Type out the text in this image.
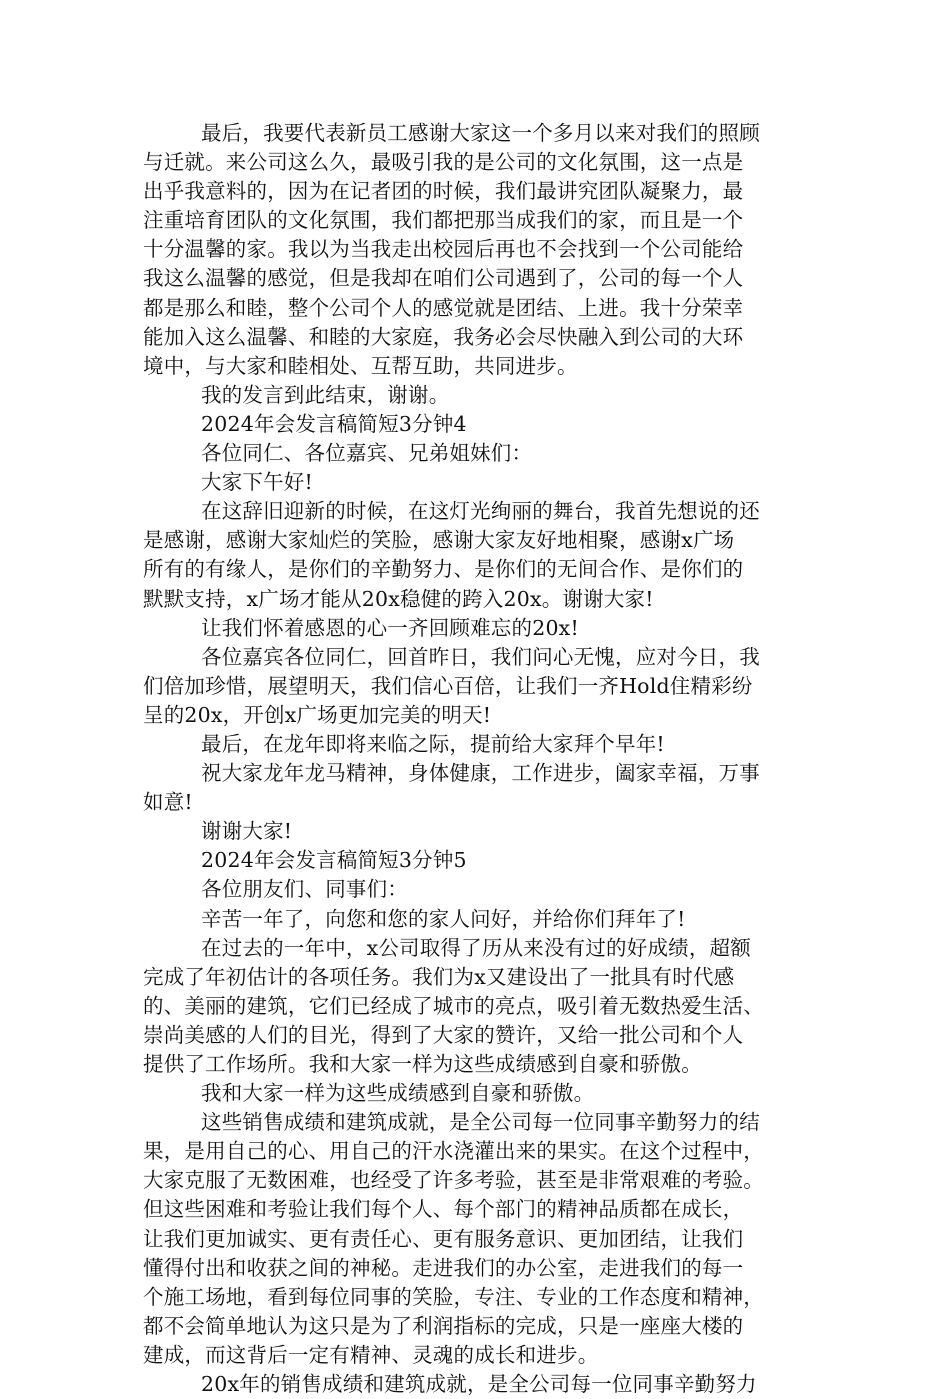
最后，我要代表新员工感谢大家这一个多月以来对我们的照顾

与迁就。来公司这么久，最吸引我的是公司的文化氛围，这一点是

出乎我意料的，因为在记者团的时候，我们最讲究团队凝聚力，最

注重培育团队的文化氛围，我们都把那当成我们的家，而且是一个

十分温馨的家。我以为当我走出校园后再也不会找到一个公司能给

我这么温馨的感觉，但是我却在咱们公司遇到了，公司的每一个人

都是那么和睦，整个公司个人的感觉就是团结、上进。我十分荣幸

能加入这么温馨、和睦的大家庭，我务必会尽快融入到公司的大环

境中，与大家和睦相处、互帮互助，共同进步。

我的发言到此结束，谢谢。

2024年会发言稿简短3分钟4

各位同仁、各位嘉宾、兄弟姐妹们：

大家下午好!

在这辞旧迎新的时候，在这灯光绚丽的舞台，我首先想说的还

是感谢，感谢大家灿烂的笑脸，感谢大家友好地相聚，感谢x广场

所有的有缘人，是你们的辛勤努力、是你们的无间合作、是你们的

默默支持，x广场才能从20x稳健的跨入20x。谢谢大家!

让我们怀着感恩的心一齐回顾难忘的20x!

各位嘉宾各位同仁，回首昨日，我们问心无愧，应对今日，我

们倍加珍惜，展望明天，我们信心百倍，让我们一齐Hold住精彩纷

呈的20x，开创x广场更加完美的明天!

最后，在龙年即将来临之际，提前给大家拜个早年!

祝大家龙年龙马精神，身体健康，工作进步，阖家幸福，万事

如意!

谢谢大家!

2024年会发言稿简短3分钟5

各位朋友们、同事们：

辛苦一年了，向您和您的家人问好，并给你们拜年了!

在过去的一年中，x公司取得了历从来没有过的好成绩，超额

完成了年初估计的各项任务。我们为x又建设出了一批具有时代感

的、美丽的建筑，它们已经成了城市的亮点，吸引着无数热爱生活、

崇尚美感的人们的目光，得到了大家的赞许，又给一批公司和个人

提供了工作场所。我和大家一样为这些成绩感到自豪和骄傲。

我和大家一样为这些成绩感到自豪和骄傲。

这些销售成绩和建筑成就，是全公司每一位同事辛勤努力的结

果，是用自己的心、用自己的汗水浇灌出来的果实。在这个过程中，

大家克服了无数困难，也经受了许多考验，甚至是非常艰难的考验。

但这些困难和考验让我们每个人、每个部门的精神品质都在成长，

让我们更加诚实、更有责任心、更有服务意识、更加团结，让我们

懂得付出和收获之间的神秘。走进我们的办公室，走进我们的每一

个施工场地，看到每位同事的笑脸，专注、专业的工作态度和精神，

都不会简单地认为这只是为了利润指标的完成，只是一座座大楼的

建成，而这背后一定有精神、灵魂的成长和进步。

20x年的销售成绩和建筑成就，是全公司每一位同事辛勤努力
